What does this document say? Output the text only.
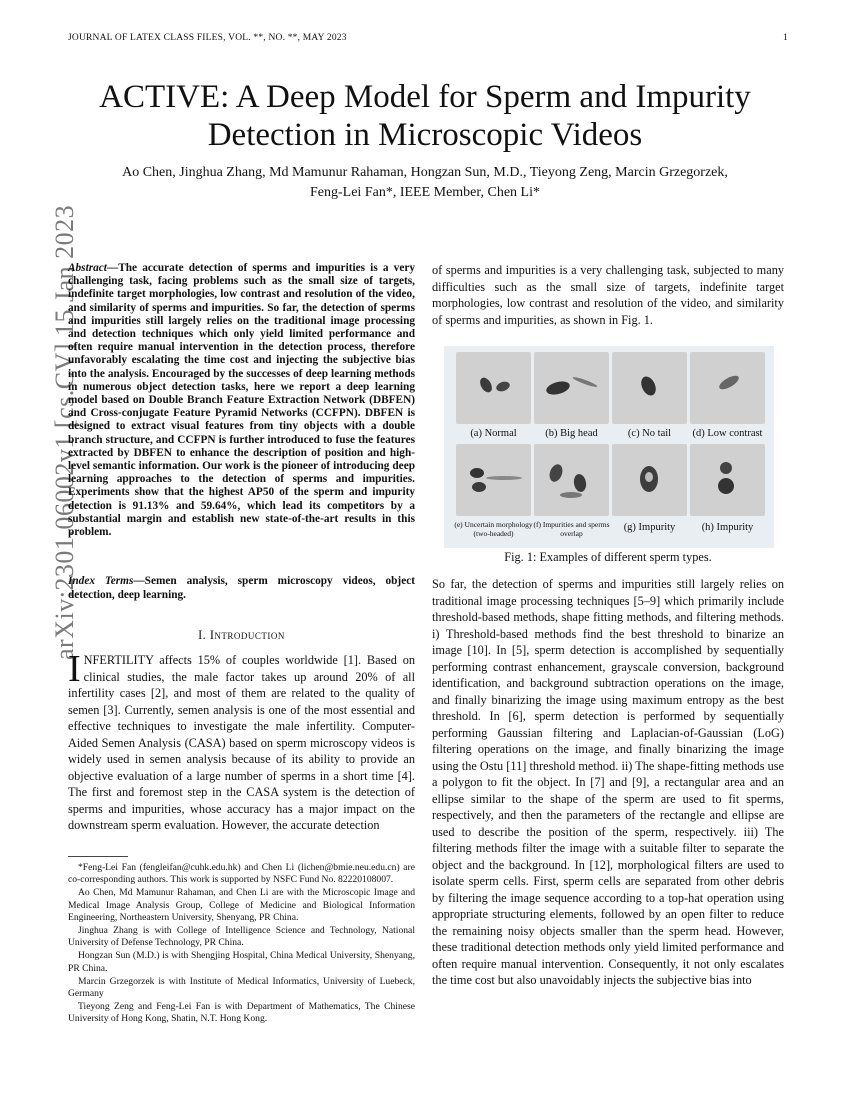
JOURNAL OF LATEX CLASS FILES, VOL. **, NO. **, MAY 2023	1
arXiv:2301.06002v1 [cs.CV] 15 Jan 2023
ACTIVE: A Deep Model for Sperm and Impurity Detection in Microscopic Videos
Ao Chen, Jinghua Zhang, Md Mamunur Rahaman, Hongzan Sun, M.D., Tieyong Zeng, Marcin Grzegorzek,
Feng-Lei Fan*, IEEE Member, Chen Li*
Abstract—The accurate detection of sperms and impurities is a very challenging task, facing problems such as the small size of targets, indefinite target morphologies, low contrast and resolution of the video, and similarity of sperms and impurities. So far, the detection of sperms and impurities still largely relies on the traditional image processing and detection techniques which only yield limited performance and often require manual intervention in the detection process, therefore unfavorably escalating the time cost and injecting the subjective bias into the analysis. Encouraged by the successes of deep learning methods in numerous object detection tasks, here we report a deep learning model based on Double Branch Feature Extraction Network (DBFEN) and Cross-conjugate Feature Pyramid Networks (CCFPN). DBFEN is designed to extract visual features from tiny objects with a double branch structure, and CCFPN is further introduced to fuse the features extracted by DBFEN to enhance the description of position and high-level semantic information. Our work is the pioneer of introducing deep learning approaches to the detection of sperms and impurities. Experiments show that the highest AP50 of the sperm and impurity detection is 91.13% and 59.64%, which lead its competitors by a substantial margin and establish new state-of-the-art results in this problem.
Index Terms—Semen analysis, sperm microscopy videos, object detection, deep learning.
I. Introduction
INFERTILITY affects 15% of couples worldwide [1]. Based on clinical studies, the male factor takes up around 20% of all infertility cases [2], and most of them are related to the quality of semen [3]. Currently, semen analysis is one of the most essential and effective techniques to investigate the male infertility. Computer-Aided Semen Analysis (CASA) based on sperm microscopy videos is widely used in semen analysis because of its ability to provide an objective evaluation of a large number of sperms in a short time [4]. The first and foremost step in the CASA system is the detection of sperms and impurities, whose accuracy has a major impact on the downstream sperm evaluation. However, the accurate detection

*Feng-Lei Fan (fengleifan@cuhk.edu.hk) and Chen Li (lichen@bmie.neu.edu.cn) are co-corresponding authors. This work is supported by NSFC Fund No. 82220108007.

Ao Chen, Md Mamunur Rahaman, and Chen Li are with the Microscopic Image and Medical Image Analysis Group, College of Medicine and Biological Information Engineering, Northeastern University, Shenyang, PR China.

Jinghua Zhang is with College of Intelligence Science and Technology, National University of Defense Technology, PR China.

Hongzan Sun (M.D.) is with Shengjing Hospital, China Medical University, Shenyang, PR China.

Marcin Grzegorzek is with Institute of Medical Informatics, University of Luebeck, Germany

Tieyong Zeng and Feng-Lei Fan is with Department of Mathematics, The Chinese University of Hong Kong, Shatin, N.T. Hong Kong.

of sperms and impurities is a very challenging task, subjected to many difficulties such as the small size of targets, indefinite target morphologies, low contrast and resolution of the video, and similarity of sperms and impurities, as shown in Fig. 1.
(a) Normal	(b) Big head	(c) No tail	(d) Low contrast
(e) Uncertain morphology (two-headed)
(f) Impurities and sperms overlap
(g) Impurity	(h) Impurity
Fig. 1: Examples of different sperm types.
So far, the detection of sperms and impurities still largely relies on traditional image processing techniques [5–9] which primarily include threshold-based methods, shape fitting methods, and filtering methods. i) Threshold-based methods find the best threshold to binarize an image [10]. In [5], sperm detection is accomplished by sequentially performing contrast enhancement, grayscale conversion, background identification, and background subtraction operations on the image, and finally binarizing the image using maximum entropy as the best threshold. In [6], sperm detection is performed by sequentially performing Gaussian filtering and Laplacian-of-Gaussian (LoG) filtering operations on the image, and finally binarizing the image using the Ostu [11] threshold method. ii) The shape-fitting methods use a polygon to fit the object. In [7] and [9], a rectangular area and an ellipse similar to the shape of the sperm are used to fit sperms, respectively, and then the parameters of the rectangle and ellipse are used to describe the position of the sperm, respectively. iii) The filtering methods filter the image with a suitable filter to separate the object and the background. In [12], morphological filters are used to isolate sperm cells. First, sperm cells are separated from other debris by filtering the image sequence according to a top-hat operation using appropriate structuring elements, followed by an open filter to reduce the remaining noisy objects smaller than the sperm head. However, these traditional detection methods only yield limited performance and often require manual intervention. Consequently, it not only escalates the time cost but also unavoidably injects the subjective bias into
